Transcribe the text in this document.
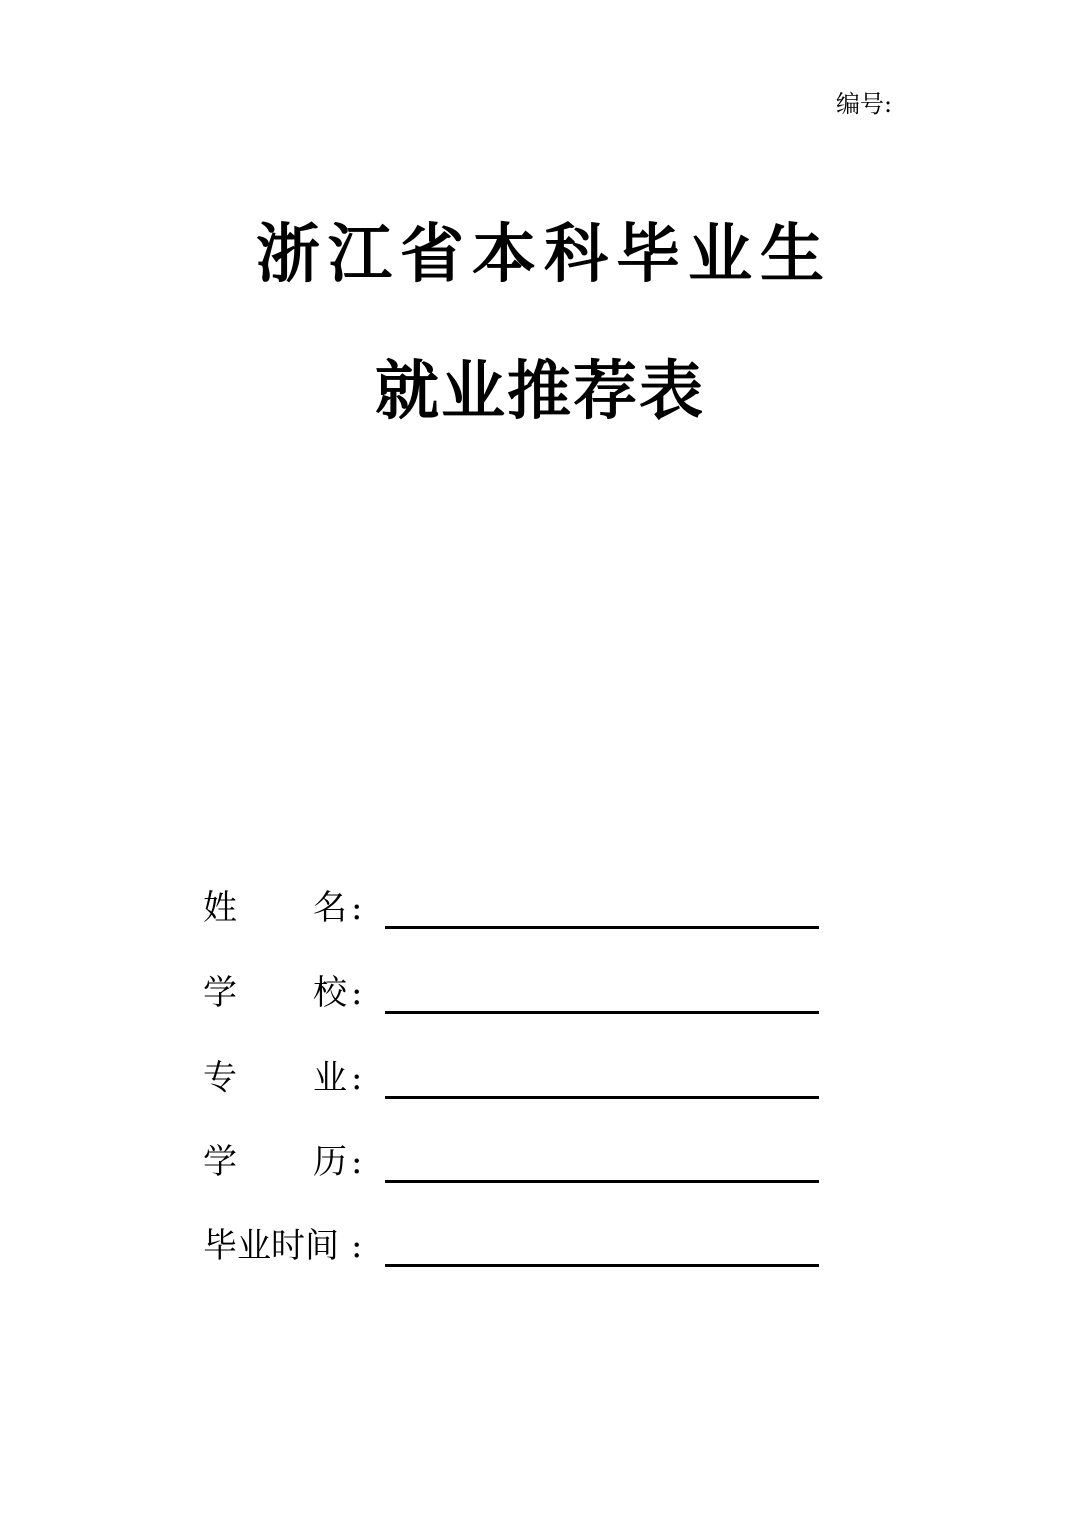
编号:
浙江省本科毕业生
就业推荐表
姓 名 :
学 校 :
专 业 :
学 历 :
毕业时间 :
